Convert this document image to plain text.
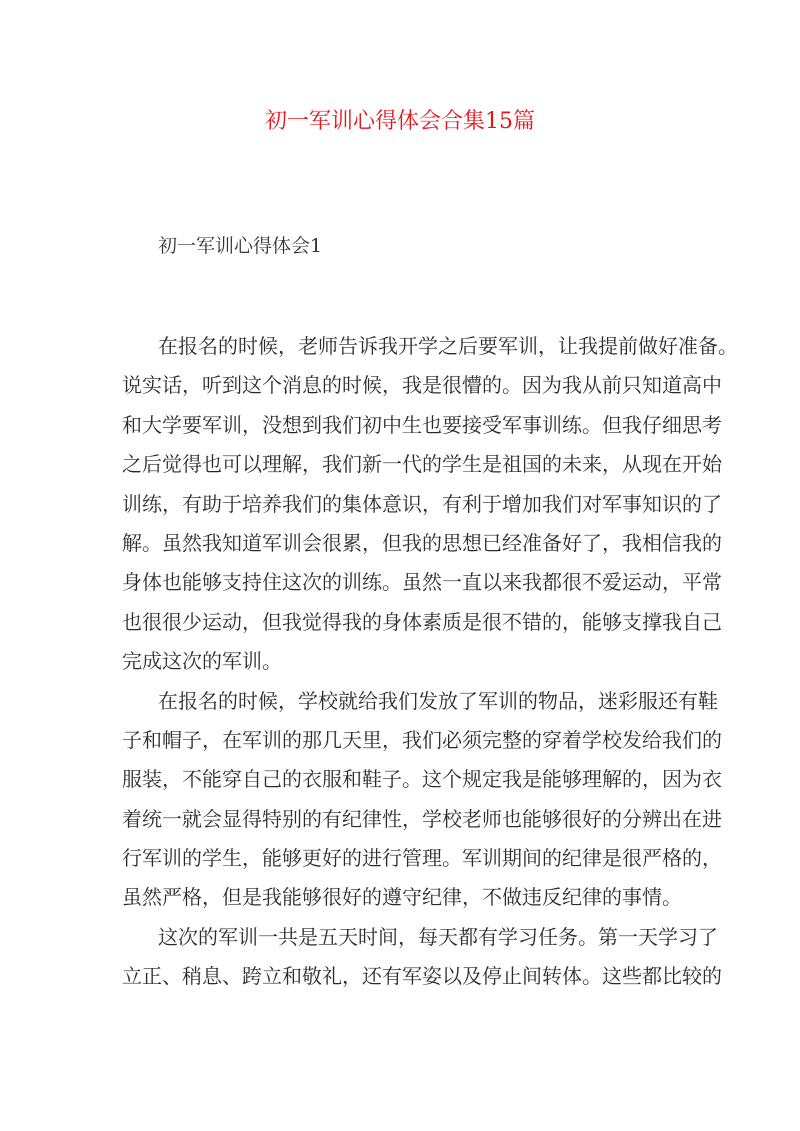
初一军训心得体会合集15篇
初一军训心得体会1
在报名的时候，老师告诉我开学之后要军训，让我提前做好准备。
说实话，听到这个消息的时候，我是很懵的。因为我从前只知道高中
和大学要军训，没想到我们初中生也要接受军事训练。但我仔细思考
之后觉得也可以理解，我们新一代的学生是祖国的未来，从现在开始
训练，有助于培养我们的集体意识，有利于增加我们对军事知识的了
解。虽然我知道军训会很累，但我的思想已经准备好了，我相信我的
身体也能够支持住这次的训练。虽然一直以来我都很不爱运动，平常
也很很少运动，但我觉得我的身体素质是很不错的，能够支撑我自己
完成这次的军训。
在报名的时候，学校就给我们发放了军训的物品，迷彩服还有鞋
子和帽子，在军训的那几天里，我们必须完整的穿着学校发给我们的
服装，不能穿自己的衣服和鞋子。这个规定我是能够理解的，因为衣
着统一就会显得特别的有纪律性，学校老师也能够很好的分辨出在进
行军训的学生，能够更好的进行管理。军训期间的纪律是很严格的，
虽然严格，但是我能够很好的遵守纪律，不做违反纪律的事情。
这次的军训一共是五天时间，每天都有学习任务。第一天学习了
立正、稍息、跨立和敬礼，还有军姿以及停止间转体。这些都比较的
